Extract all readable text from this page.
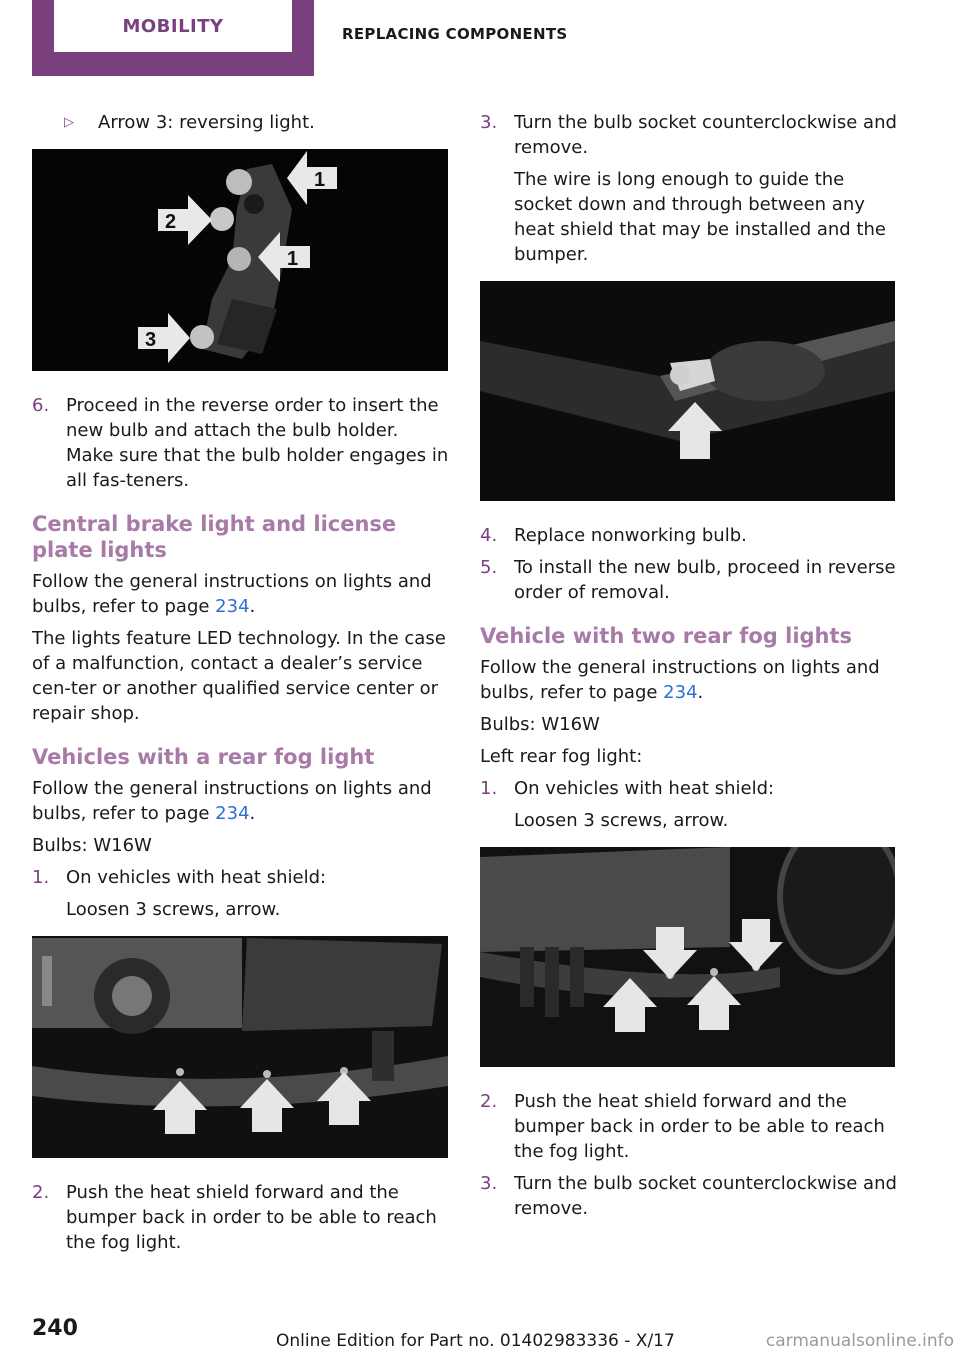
MOBILITY	REPLACING COMPONENTS
▷	Arrow 3: reversing light.
1
2
1
3
6. Proceed in the reverse order to insert the new bulb and attach the bulb holder. Make sure that the bulb holder engages in all fas‐teners.
Central brake light and license plate lights

Follow the general instructions on lights and bulbs, refer to page 234.

The lights feature LED technology. In the case of a malfunction, contact a dealer’s service cen‐ter or another qualified service center or repair shop.

Vehicles with a rear fog light

Follow the general instructions on lights and bulbs, refer to page 234.

Bulbs: W16W

1. On vehicles with heat shield:

Loosen 3 screws, arrow.

2. Push the heat shield forward and the bumper back in order to be able to reach the fog light.
3. Turn the bulb socket counterclockwise and remove.

The wire is long enough to guide the socket down and through between any heat shield that may be installed and the bumper.

4. Replace nonworking bulb.
5. To install the new bulb, proceed in reverse order of removal.
Vehicle with two rear fog lights

Follow the general instructions on lights and bulbs, refer to page 234.

Bulbs: W16W

Left rear fog light:

1. On vehicles with heat shield:

Loosen 3 screws, arrow.

2. Push the heat shield forward and the bumper back in order to be able to reach the fog light.
3. Turn the bulb socket counterclockwise and remove.
240	Online Edition for Part no. 01402983336 - X/17	carmanualsonline.info
